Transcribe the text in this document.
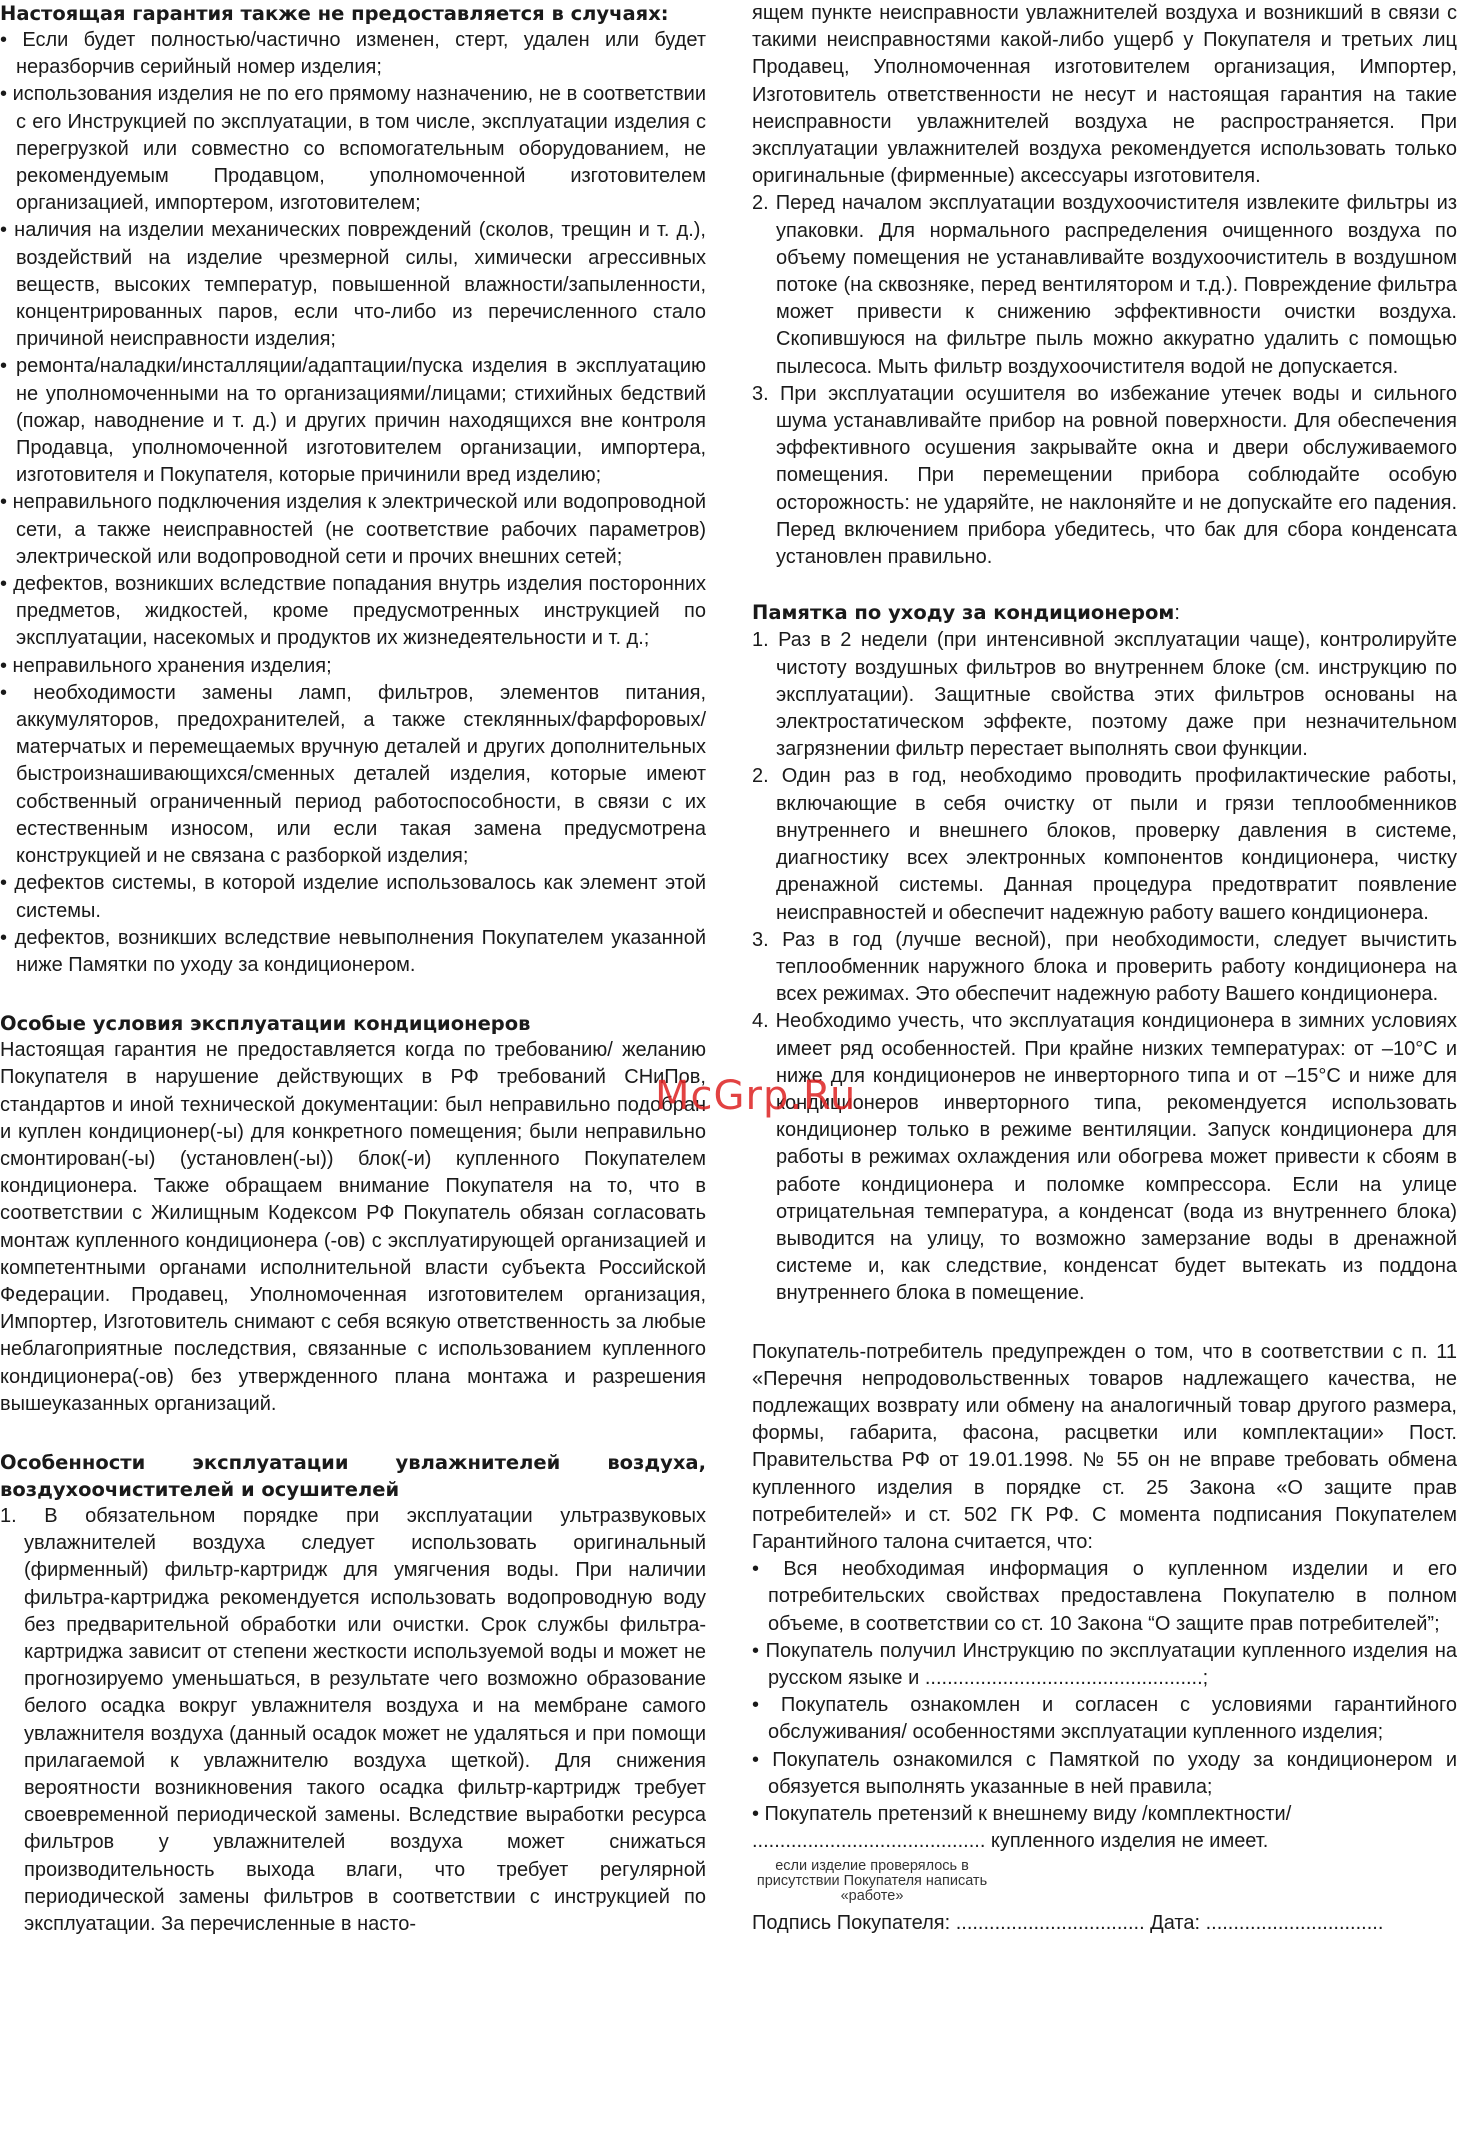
Настоящая гарантия также не предоставляется в случаях:

• Если будет полностью/частично изменен, стерт, удален или будет неразборчив серийный номер изделия;

• использования изделия не по его прямому назначению, не в соответствии с его Инструкцией по эксплуатации, в том числе, эксплуатации изделия с перегрузкой или совместно со вспомогательным оборудованием, не рекомендуемым Продавцом, уполномоченной изготовителем организацией, импортером, изготовителем;

• наличия на изделии механических повреждений (сколов, трещин и т. д.), воздействий на изделие чрезмерной силы, химически агрессивных веществ, высоких температур, повышенной влажности/запыленности, концентрированных паров, если что-либо из перечисленного стало причиной неисправности изделия;

• ремонта/наладки/инсталляции/адаптации/пуска изделия в эксплуатацию не уполномоченными на то организациями/лицами; стихийных бедствий (пожар, наводнение и т. д.) и других причин находящихся вне контроля Продавца, уполномоченной изготовителем организации, импортера, изготовителя и Покупателя, которые причинили вред изделию;

• неправильного подключения изделия к электрической или водопроводной сети, а также неисправностей (не соответствие рабочих параметров) электрической или водопроводной сети и прочих внешних сетей;

• дефектов, возникших вследствие попадания внутрь изделия посторонних предметов, жидкостей, кроме предусмотренных инструкцией по эксплуатации, насекомых и продуктов их жизнедеятельности и т. д.;

• неправильного хранения изделия;

• необходимости замены ламп, фильтров, элементов питания, аккумуляторов, предохранителей, а также стеклянных/фарфоровых/матерчатых и перемещаемых вручную деталей и других дополнительных быстроизнашивающихся/сменных деталей изделия, которые имеют собственный ограниченный период работоспособности, в связи с их естественным износом, или если такая замена предусмотрена конструкцией и не связана с разборкой изделия;

• дефектов системы, в которой изделие использовалось как элемент этой системы.

• дефектов, возникших вследствие невыполнения Покупателем указанной ниже Памятки по уходу за кондиционером.

Особые условия эксплуатации кондиционеров

Настоящая гарантия не предоставляется когда по требованию/ желанию Покупателя в нарушение действующих в РФ требований СНиПов, стандартов и иной технической документации: был неправильно подобран и куплен кондиционер(-ы) для конкретного помещения; были неправильно смонтирован(-ы) (установлен(-ы)) блок(-и) купленного Покупателем кондиционера. Также обращаем внимание Покупателя на то, что в соответствии с Жилищным Кодексом РФ Покупатель обязан согласовать монтаж купленного кондиционера (-ов) с эксплуатирующей организацией и компетентными органами исполнительной власти субъекта Российской Федерации. Продавец, Уполномоченная изготовителем организация, Импортер, Изготовитель снимают с себя всякую ответственность за любые неблагоприятные последствия, связанные с использованием купленного кондиционера(-ов) без утвержденного плана монтажа и разрешения вышеуказанных организаций.

Особенности эксплуатации увлажнителей воздуха, воздухоочистителей и осушителей

1. В обязательном порядке при эксплуатации ультразвуковых увлажнителей воздуха следует использовать оригинальный (фирменный) фильтр-картридж для умягчения воды. При наличии фильтра-картриджа рекомендуется использовать водопроводную воду без предварительной обработки или очистки. Срок службы фильтра-картриджа зависит от степени жесткости используемой воды и может не прогнозируемо уменьшаться, в результате чего возможно образование белого осадка вокруг увлажнителя воздуха и на мембране самого увлажнителя воздуха (данный осадок может не удаляться и при помощи прилагаемой к увлажнителю воздуха щеткой). Для снижения вероятности возникновения такого осадка фильтр-картридж требует своевременной периодической замены. Вследствие выработки ресурса фильтров у увлажнителей воздуха может снижаться производительность выхода влаги, что требует регулярной периодической замены фильтров в соответствии с инструкцией по эксплуатации. За перечисленные в насто-

ящем пункте неисправности увлажнителей воздуха и возникший в связи с такими неисправностями какой-либо ущерб у Покупателя и третьих лиц Продавец, Уполномоченная изготовителем организация, Импортер, Изготовитель ответственности не несут и настоящая гарантия на такие неисправности увлажнителей воздуха не распространяется. При эксплуатации увлажнителей воздуха рекомендуется использовать только оригинальные (фирменные) аксессуары изготовителя.

2. Перед началом эксплуатации воздухоочистителя извлеките фильтры из упаковки. Для нормального распределения очищенного воздуха по объему помещения не устанавливайте воздухоочиститель в воздушном потоке (на сквозняке, перед вентилятором и т.д.). Повреждение фильтра может привести к снижению эффективности очистки воздуха. Скопившуюся на фильтре пыль можно аккуратно удалить с помощью пылесоса. Мыть фильтр воздухоочистителя водой не допускается.

3. При эксплуатации осушителя во избежание утечек воды и сильного шума устанавливайте прибор на ровной поверхности. Для обеспечения эффективного осушения закрывайте окна и двери обслуживаемого помещения. При перемещении прибора соблюдайте особую осторожность: не ударяйте, не наклоняйте и не допускайте его падения. Перед включением прибора убедитесь, что бак для сбора конденсата установлен правильно.

Памятка по уходу за кондиционером:

1. Раз в 2 недели (при интенсивной эксплуатации чаще), контролируйте чистоту воздушных фильтров во внутреннем блоке (см. инструкцию по эксплуатации). Защитные свойства этих фильтров основаны на электростатическом эффекте, поэтому даже при незначительном загрязнении фильтр перестает выполнять свои функции.

2. Один раз в год, необходимо проводить профилактические работы, включающие в себя очистку от пыли и грязи теплообменников внутреннего и внешнего блоков, проверку давления в системе, диагностику всех электронных компонентов кондиционера, чистку дренажной системы. Данная процедура предотвратит появление неисправностей и обеспечит надежную работу вашего кондиционера.

3. Раз в год (лучше весной), при необходимости, следует вычистить теплообменник наружного блока и проверить работу кондиционера на всех режимах. Это обеспечит надежную работу Вашего кондиционера.

4. Необходимо учесть, что эксплуатация кондиционера в зимних условиях имеет ряд особенностей. При крайне низких температурах: от –10°С и ниже для кондиционеров не инверторного типа и от –15°С и ниже для кондиционеров инверторного типа, рекомендуется использовать кондиционер только в режиме вентиляции. Запуск кондиционера для работы в режимах охлаждения или обогрева может привести к сбоям в работе кондиционера и поломке компрессора. Если на улице отрицательная температура, а конденсат (вода из внутреннего блока) выводится на улицу, то возможно замерзание воды в дренажной системе и, как следствие, конденсат будет вытекать из поддона внутреннего блока в помещение.

Покупатель-потребитель предупрежден о том, что в соответствии с п. 11 «Перечня непродовольственных товаров надлежащего качества, не подлежащих возврату или обмену на аналогичный товар другого размера, формы, габарита, фасона, расцветки или комплектации» Пост. Правительства РФ от 19.01.1998. № 55 он не вправе требовать обмена купленного изделия в порядке ст. 25 Закона «О защите прав потребителей» и ст. 502 ГК РФ. С момента подписания Покупателем Гарантийного талона считается, что:

• Вся необходимая информация о купленном изделии и его потребительских свойствах предоставлена Покупателю в полном объеме, в соответствии со ст. 10 Закона “О защите прав потребителей”;

• Покупатель получил Инструкцию по эксплуатации купленного изделия на русском языке и ..................................................;

• Покупатель ознакомлен и согласен с условиями гарантийного обслуживания/ особенностями эксплуатации купленного изделия;

• Покупатель ознакомился с Памяткой по уходу за кондиционером и обязуется выполнять указанные в ней правила;

• Покупатель претензий к внешнему виду /комплектности/

.......................................... купленного изделия не имеет.

если изделие проверялось в присутствии Покупателя написать «работе»

Подпись Покупателя: .................................. Дата: ................................

McGrp.Ru
